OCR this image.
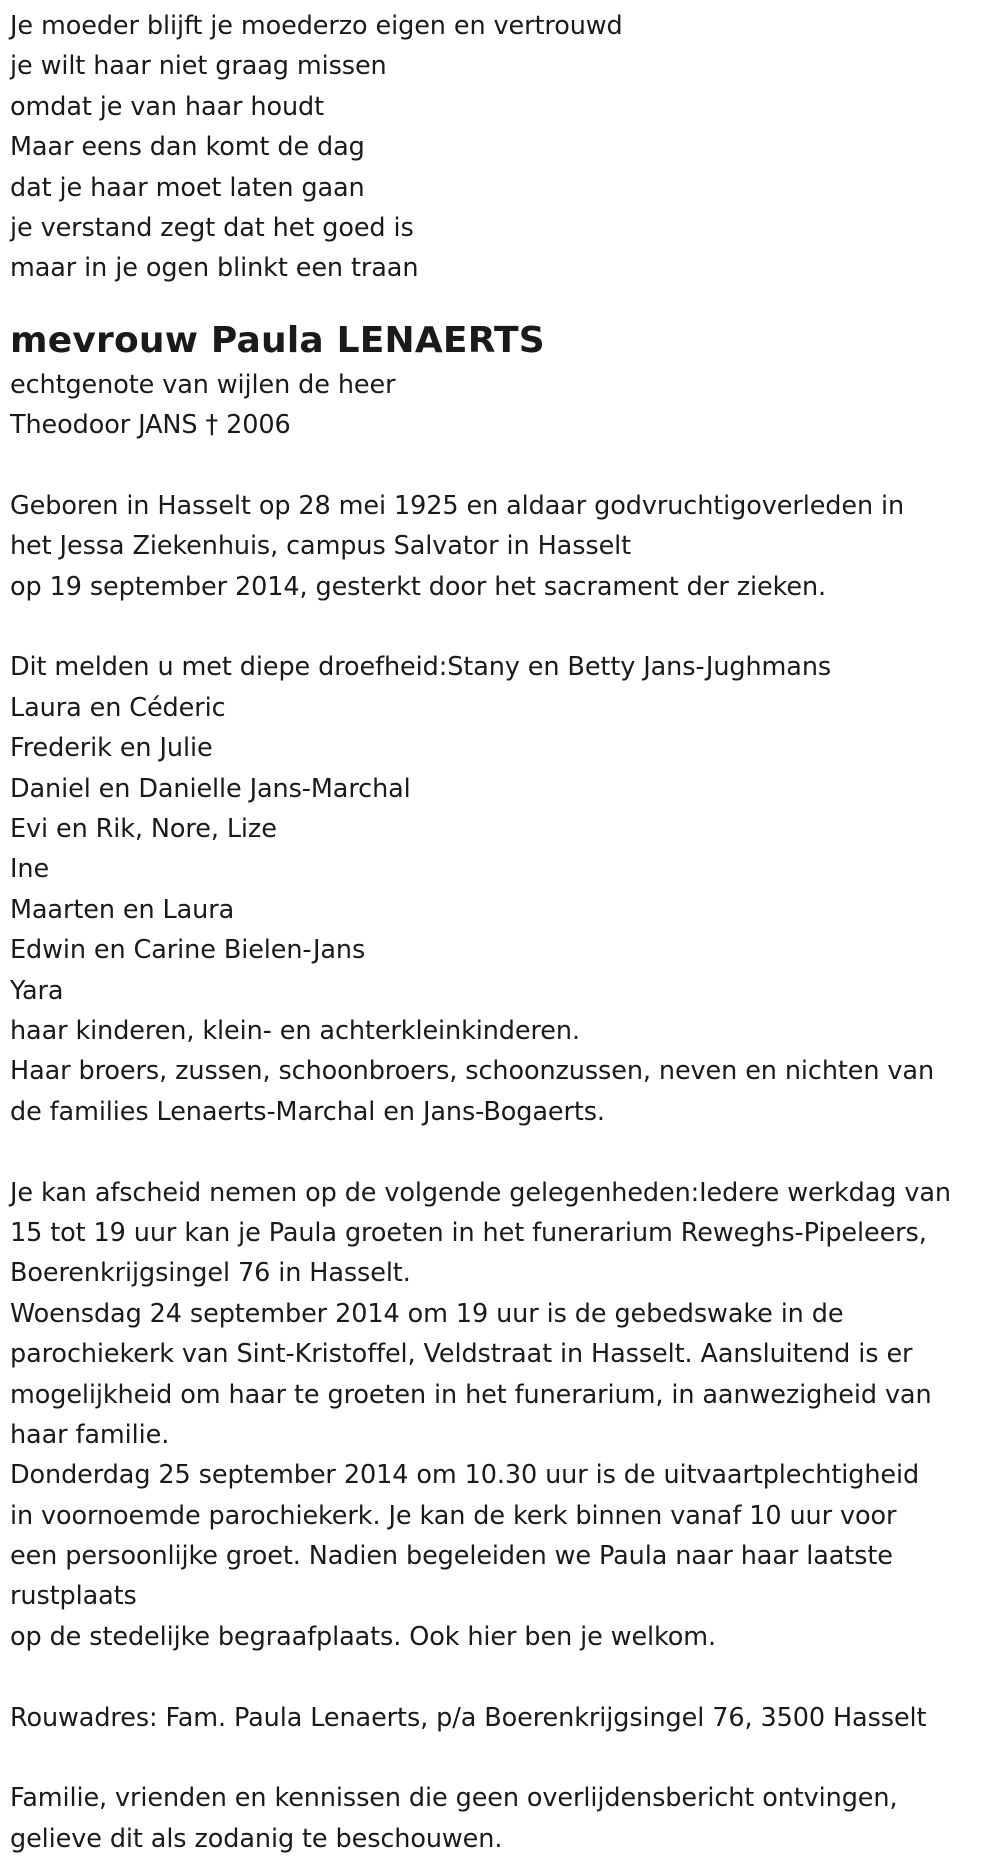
Je moeder blijft je moederzo eigen en vertrouwd
je wilt haar niet graag missen
omdat je van haar houdt
Maar eens dan komt de dag
dat je haar moet laten gaan
je verstand zegt dat het goed is
maar in je ogen blinkt een traan
mevrouw Paula LENAERTS
echtgenote van wijlen de heer
Theodoor JANS † 2006
Geboren in Hasselt op 28 mei 1925 en aldaar godvruchtigoverleden in
het Jessa Ziekenhuis, campus Salvator in Hasselt
op 19 september 2014, gesterkt door het sacrament der zieken.
Dit melden u met diepe droefheid:Stany en Betty Jans-Jughmans
Laura en Céderic
Frederik en Julie
Daniel en Danielle Jans-Marchal
Evi en Rik, Nore, Lize
Ine
Maarten en Laura
Edwin en Carine Bielen-Jans
Yara
haar kinderen, klein- en achterkleinkinderen.
Haar broers, zussen, schoonbroers, schoonzussen, neven en nichten van
de families Lenaerts-Marchal en Jans-Bogaerts.
Je kan afscheid nemen op de volgende gelegenheden:Iedere werkdag van
15 tot 19 uur kan je Paula groeten in het funerarium Reweghs-Pipeleers,
Boerenkrijgsingel 76 in Hasselt.
Woensdag 24 september 2014 om 19 uur is de gebedswake in de
parochiekerk van Sint-Kristoffel, Veldstraat in Hasselt. Aansluitend is er
mogelijkheid om haar te groeten in het funerarium, in aanwezigheid van
haar familie.
Donderdag 25 september 2014 om 10.30 uur is de uitvaartplechtigheid
in voornoemde parochiekerk. Je kan de kerk binnen vanaf 10 uur voor
een persoonlijke groet. Nadien begeleiden we Paula naar haar laatste
rustplaats
op de stedelijke begraafplaats. Ook hier ben je welkom.
Rouwadres: Fam. Paula Lenaerts, p/a Boerenkrijgsingel 76, 3500 Hasselt
Familie, vrienden en kennissen die geen overlijdensbericht ontvingen,
gelieve dit als zodanig te beschouwen.
